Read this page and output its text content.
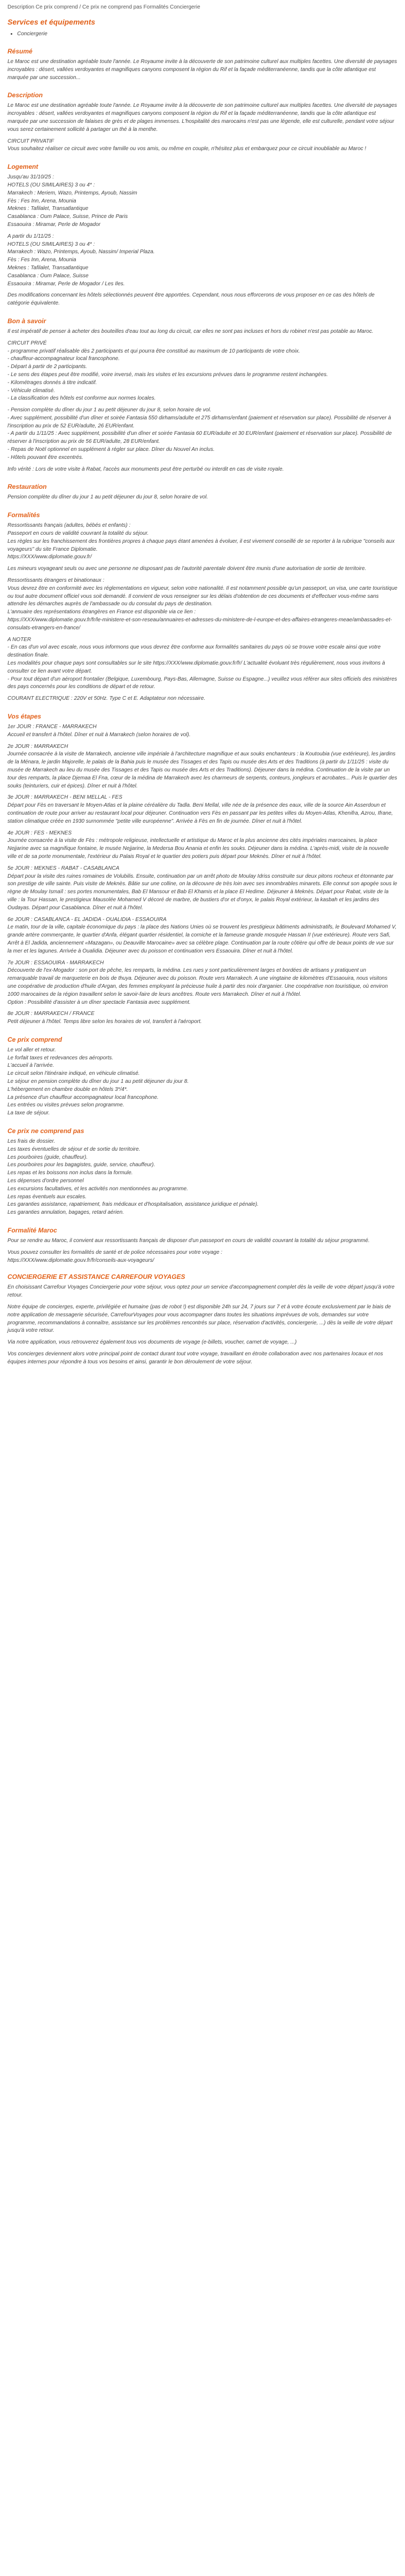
Description Ce prix comprend / Ce prix ne comprend pas Formalités Conciergerie
Services et équipements
• Conciergerie
Résumé

Le Maroc est une destination agréable toute l'année. Le Royaume invite à la découverte de son patrimoine culturel aux multiples facettes. Une diversité de paysages incroyables : désert, vallées verdoyantes et magnifiques canyons composent la région du Rif et la façade méditerranéenne, tandis que la côte atlantique est marquée par une succession...

Description

Le Maroc est une destination agréable toute l'année. Le Royaume invite à la découverte de son patrimoine culturel aux multiples facettes. Une diversité de paysages incroyables : désert, vallées verdoyantes et magnifiques canyons composent la région du Rif et la façade méditerranéenne, tandis que la côte atlantique est marquée par une succession de falaises de grès et de plages immenses. L'hospitalité des marocains n'est pas une légende, elle est culturelle, pendant votre séjour vous serez certainement sollicité à partager un thé à la menthe.

CIRCUIT PRIVATIF
Vous souhaitez réaliser ce circuit avec votre famille ou vos amis, ou même en couple, n'hésitez plus et embarquez pour ce circuit inoubliable au Maroc !

Logement

Jusqu'au 31/10/25 :
HOTELS (OU SIMILAIRES) 3 ou 4* :
Marrakech : Meriem, Wazo, Printemps, Ayoub, Nassim
Fès : Fes Inn, Arena, Mounia
Meknes : Tafilalet, Transatlantique
Casablanca : Oum Palace, Suisse, Prince de Paris
Essaouira : Miramar, Perle de Mogador

A partir du 1/11/25 :
HOTELS (OU SIMILAIRES) 3 ou 4* :
Marrakech : Wazo, Printemps, Ayoub, Nassim/ Imperial Plaza.
Fès : Fes Inn, Arena, Mounia
Meknes : Tafilalet, Transatlantique
Casablanca : Oum Palace, Suisse
Essaouira : Miramar, Perle de Mogador / Les Iles.

Des modifications concernant les hôtels sélectionnés peuvent être apportées. Cependant, nous nous efforcerons de vous proposer en ce cas des hôtels de catégorie équivalente.

Bon à savoir

Il est impératif de penser à acheter des bouteilles d'eau tout au long du circuit, car elles ne sont pas incluses et hors du robinet n'est pas potable au Maroc.

CIRCUIT PRIVÉ
- programme privatif réalisable dès 2 participants et qui pourra être constitué au maximum de 10 participants de votre choix.
- chauffeur-accompagnateur local francophone.
- Départ à partir de 2 participants.
- Le sens des étapes peut être modifié, voire inversé, mais les visites et les excursions prévues dans le programme restent inchangées.
- Kilométrages donnés à titre indicatif.
- Véhicule climatisé.
- La classification des hôtels est conforme aux normes locales.

- Pension complète du dîner du jour 1 au petit déjeuner du jour 8, selon horaire de vol.
- Avec supplément, possibilité d'un dîner et soirée Fantasia 550 dirhams/adulte et 275 dirhams/enfant (paiement et réservation sur place). Possibilité de réserver à l'inscription au prix de 52 EUR/adulte, 26 EUR/enfant.
- A partir du 1/11/25 : Avec supplément, possibilité d'un dîner et soirée Fantasia 60 EUR/adulte et 30 EUR/enfant (paiement et réservation sur place). Possibilité de réserver à l'inscription au prix de 56 EUR/adulte, 28 EUR/enfant.
- Repas de Noël optionnel en supplément à régler sur place. Dîner du Nouvel An inclus.
- Hôtels pouvant être excentrés.

Info vérité : Lors de votre visite à Rabat, l'accès aux monuments peut être perturbé ou interdit en cas de visite royale.

Restauration

Pension complète du dîner du jour 1 au petit déjeuner du jour 8, selon horaire de vol.

Formalités

Ressortissants français (adultes, bébés et enfants) :
Passeport en cours de validité couvrant la totalité du séjour.
Les règles sur les franchissement des frontières propres à chaque pays étant amenées à évoluer, il est vivement conseillé de se reporter à la rubrique "conseils aux voyageurs" du site France Diplomatie.
https://XXX/www.diplomatie.gouv.fr/

Les mineurs voyageant seuls ou avec une personne ne disposant pas de l'autorité parentale doivent être munis d'une autorisation de sortie de territoire.

Ressortissants étrangers et binationaux :
Vous devrez être en conformité avec les réglementations en vigueur, selon votre nationalité. Il est notamment possible qu'un passeport, un visa, une carte touristique ou tout autre document officiel vous soit demandé. Il convient de vous renseigner sur les délais d'obtention de ces documents et d'effectuer vous-même sans attendre les démarches auprès de l'ambassade ou du consulat du pays de destination.
L'annuaire des représentations étrangères en France est disponible via ce lien :
https://XXX/www.diplomatie.gouv.fr/fr/le-ministere-et-son-reseau/annuaires-et-adresses-du-ministere-de-l-europe-et-des-affaires-etrangeres-meae/ambassades-et-consulats-etrangers-en-france/

A NOTER
- En cas d'un vol avec escale, nous vous informons que vous devrez être conforme aux formalités sanitaires du pays où se trouve votre escale ainsi que votre destination finale.
Les modalités pour chaque pays sont consultables sur le site https://XXX/www.diplomatie.gouv.fr/fr/ L'actualité évoluant très régulièrement, nous vous invitons à consulter ce lien avant votre départ.
- Pour tout départ d'un aéroport frontalier (Belgique, Luxembourg, Pays-Bas, Allemagne, Suisse ou Espagne...) veuillez vous référer aux sites officiels des ministères des pays concernés pour les conditions de départ et de retour.

COURANT ELECTRIQUE : 220V et 50Hz. Type C et E. Adaptateur non nécessaire.

Vos étapes

1er JOUR : FRANCE - MARRAKECH
Accueil et transfert à l'hôtel. Dîner et nuit à Marrakech (selon horaires de vol).

2e JOUR : MARRAKECH
Journée consacrée à la visite de Marrakech, ancienne ville impériale à l'architecture magnifique et aux souks enchanteurs : la Koutoubia (vue extérieure), les jardins de la Ménara, le jardin Majorelle, le palais de la Bahia puis le musée des Tissages et des Tapis ou musée des Arts et des Traditions (à partir du 1/11/25 : visite du musée de Marrakech au lieu du musée des Tissages et des Tapis ou musée des Arts et des Traditions). Déjeuner dans la médina. Continuation de la visite par un tour des remparts, la place Djemaa El Fna, cœur de la médina de Marrakech avec les charmeurs de serpents, conteurs, jongleurs et acrobates... Puis le quartier des souks (teinturiers, cuir et épices). Dîner et nuit à l'hôtel.

3e JOUR : MARRAKECH - BENI MELLAL - FES
Départ pour Fès en traversant le Moyen-Atlas et la plaine céréalière du Tadla. Beni Mellal, ville née de la présence des eaux, ville de la source Ain Asserdoun et continuation de route pour arriver au restaurant local pour déjeuner. Continuation vers Fès en passant par les petites villes du Moyen-Atlas, Khenifra, Azrou, Ifrane, station climatique créée en 1930 surnommée "petite ville européenne". Arrivée à Fès en fin de journée. Dîner et nuit à l'hôtel.

4e JOUR : FES - MEKNES
Journée consacrée à la visite de Fès : métropole religieuse, intellectuelle et artistique du Maroc et la plus ancienne des cités impériales marocaines, la place Nejjarine avec sa magnifique fontaine, le musée Nejjarine, la Medersa Bou Anania et enfin les souks. Déjeuner dans la médina. L'après-midi, visite de la nouvelle ville et de sa porte monumentale, l'extérieur du Palais Royal et le quartier des potiers puis départ pour Meknès. Dîner et nuit à l'hôtel.

5e JOUR : MEKNES - RABAT - CASABLANCA
Départ pour la visite des ruines romaines de Volubilis. Ensuite, continuation par un arrêt photo de Moulay Idriss construite sur deux pitons rocheux et étonnante par son prestige de ville sainte. Puis visite de Meknès. Bâtie sur une colline, on la découvre de très loin avec ses innombrables minarets. Elle connut son apogée sous le règne de Moulay Ismaïl : ses portes monumentales, Bab El Mansour et Bab El Khamis et la place El Hedime. Déjeuner à Meknès. Départ pour Rabat, visite de la ville : la Tour Hassan, le prestigieux Mausolée Mohamed V décoré de marbre, de bustiers d'or et d'onyx, le palais Royal extérieur, la kasbah et les jardins des Oudayas. Départ pour Casablanca. Dîner et nuit à l'hôtel.

6e JOUR : CASABLANCA - EL JADIDA - OUALIDIA - ESSAOUIRA
Le matin, tour de la ville, capitale économique du pays : la place des Nations Unies où se trouvent les prestigieux bâtiments administratifs, le Boulevard Mohamed V, grande artère commerçante, le quartier d'Anfa, élégant quartier résidentiel, la corniche et la fameuse grande mosquée Hassan II (vue extérieure). Route vers Safi, Arrêt à El Jadida, anciennement «Mazagan», ou Deauville Marocaine» avec sa célèbre plage. Continuation par la route côtière qui offre de beaux points de vue sur la mer et les lagunes. Arrivée à Oualidia. Déjeuner avec du poisson et continuation vers Essaouira. Dîner et nuit à l'hôtel.

7e JOUR : ESSAOUIRA - MARRAKECH
Découverte de l'ex-Mogador : son port de pêche, les remparts, la médina. Les rues y sont particulièrement larges et bordées de artisans y pratiquent un remarquable travail de marqueterie en bois de thuya. Déjeuner avec du poisson. Route vers Marrakech. A une vingtaine de kilomètres d'Essaouira, nous visitons une coopérative de production d'huile d'Argan, des femmes employant la précieuse huile à partir des noix d'arganier. Une coopérative non touristique, où environ 1000 marocaines de la région travaillent selon le savoir-faire de leurs ancêtres. Route vers Marrakech. Dîner et nuit à l'hôtel.
Option : Possibilité d'assister à un dîner spectacle Fantasia avec supplément.

8e JOUR : MARRAKECH / FRANCE
Petit déjeuner à l'hôtel. Temps libre selon les horaires de vol, transfert à l'aéroport.

Ce prix comprend

Le vol aller et retour.
Le forfait taxes et redevances des aéroports.
L'accueil à l'arrivée.
Le circuit selon l'itinéraire indiqué, en véhicule climatisé.
Le séjour en pension complète du dîner du jour 1 au petit déjeuner du jour 8.
L'hébergement en chambre double en hôtels 3*/4*.
La présence d'un chauffeur accompagnateur local francophone.
Les entrées ou visites prévues selon programme.
La taxe de séjour.

Ce prix ne comprend pas

Les frais de dossier.
Les taxes éventuelles de séjour et de sortie du territoire.
Les pourboires (guide, chauffeur).
Les pourboires pour les bagagistes, guide, service, chauffeur).
Les repas et les boissons non inclus dans la formule.
Les dépenses d'ordre personnel
Les excursions facultatives, et les activités non mentionnées au programme.
Les repas éventuels aux escales.
Les garanties assistance, rapatriement, frais médicaux et d'hospitalisation, assistance juridique et pénale).
Les garanties annulation, bagages, retard aérien.

Formalité Maroc

Pour se rendre au Maroc, il convient aux ressortissants français de disposer d'un passeport en cours de validité couvrant la totalité du séjour programmé.

Vous pouvez consulter les formalités de santé et de police nécessaires pour votre voyage :
https://XXX/www.diplomatie.gouv.fr/fr/conseils-aux-voyageurs/

CONCIERGERIE ET ASSISTANCE CARREFOUR VOYAGES

En choisissant Carrefour Voyages Conciergerie pour votre séjour, vous optez pour un service d'accompagnement complet dès la veille de votre départ jusqu'à votre retour.

Notre équipe de concierges, experte, privilégiée et humaine (pas de robot !) est disponible 24h sur 24, 7 jours sur 7 et à votre écoute exclusivement par le biais de notre application de messagerie sécurisée, CarrefourVoyages pour vous accompagner dans toutes les situations imprévues de vols, demandes sur votre programme, recommandations à connaître, assistance sur les problèmes rencontrés sur place, réservation d'activités, conciergerie, ...) dès la veille de votre départ jusqu'à votre retour.

Via notre application, vous retrouverez également tous vos documents de voyage (e-billets, voucher, carnet de voyage, ...)

Vos concierges deviennent alors votre principal point de contact durant tout votre voyage, travaillant en étroite collaboration avec nos partenaires locaux et nos équipes internes pour répondre à tous vos besoins et ainsi, garantir le bon déroulement de votre séjour.
